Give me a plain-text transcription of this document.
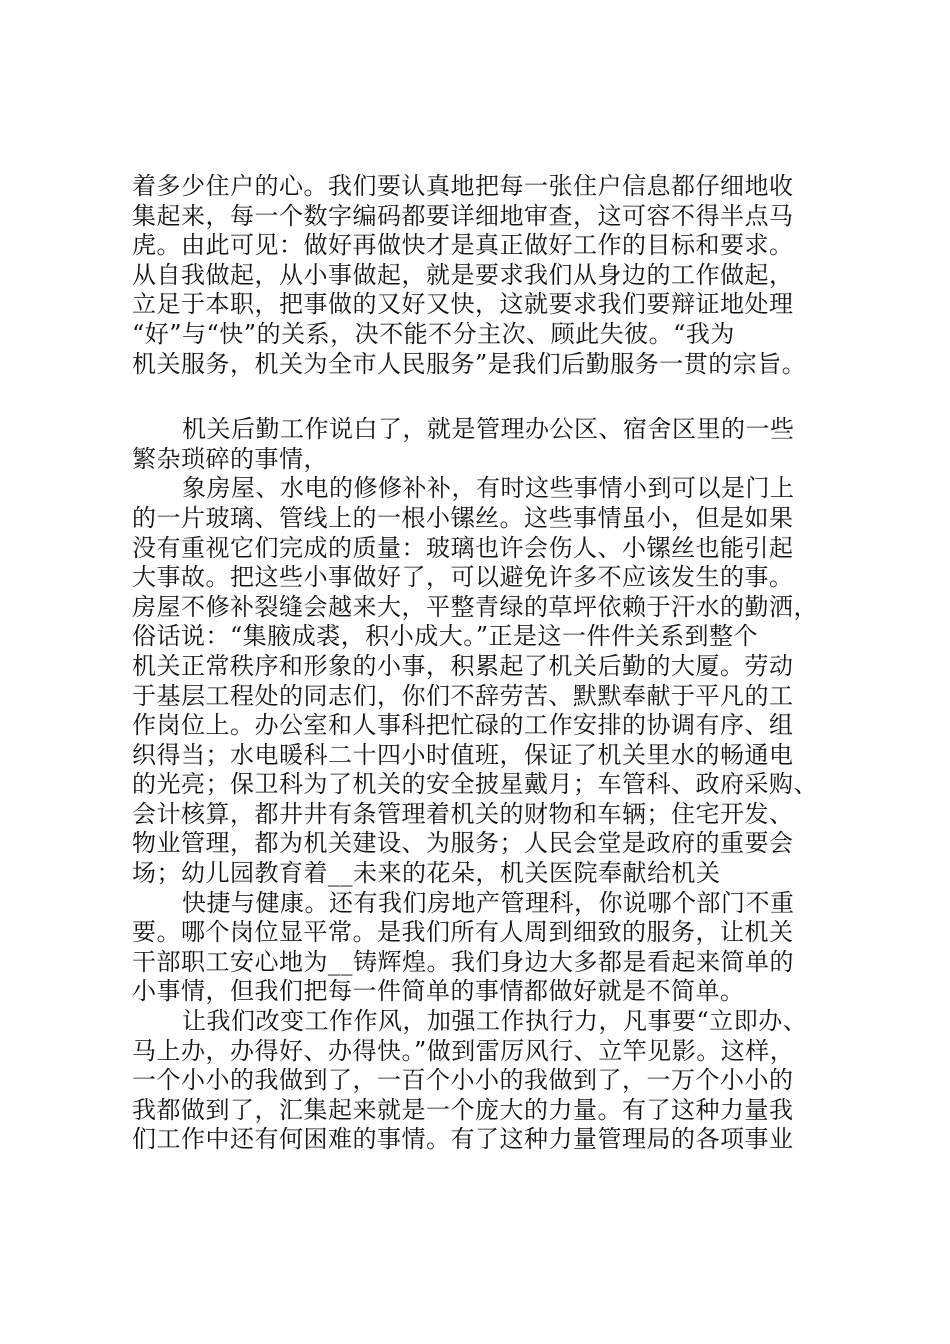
着多少住户的心。我们要认真地把每一张住户信息都仔细地收
集起来，每一个数字编码都要详细地审查，这可容不得半点马
虎。由此可见：做好再做快才是真正做好工作的目标和要求。
从自我做起，从小事做起，就是要求我们从身边的工作做起，
立足于本职，把事做的又好又快，这就要求我们要辩证地处理
“好”与“快”的关系，决不能不分主次、顾此失彼。“我为
机关服务，机关为全市人民服务”是我们后勤服务一贯的宗旨。
机关后勤工作说白了，就是管理办公区、宿舍区里的一些
繁杂琐碎的事情，
象房屋、水电的修修补补，有时这些事情小到可以是门上
的一片玻璃、管线上的一根小镙丝。这些事情虽小，但是如果
没有重视它们完成的质量：玻璃也许会伤人、小镙丝也能引起
大事故。把这些小事做好了，可以避免许多不应该发生的事。
房屋不修补裂缝会越来大，平整青绿的草坪依赖于汗水的勤洒，
俗话说：“集腋成裘，积小成大。”正是这一件件关系到整个
机关正常秩序和形象的小事，积累起了机关后勤的大厦。劳动
于基层工程处的同志们，你们不辞劳苦、默默奉献于平凡的工
作岗位上。办公室和人事科把忙碌的工作安排的协调有序、组
织得当；水电暖科二十四小时值班，保证了机关里水的畅通电
的光亮；保卫科为了机关的安全披星戴月；车管科、政府采购、
会计核算，都井井有条管理着机关的财物和车辆；住宅开发、
物业管理，都为机关建设、为服务；人民会堂是政府的重要会
场；幼儿园教育着__未来的花朵，机关医院奉献给机关
快捷与健康。还有我们房地产管理科，你说哪个部门不重
要。哪个岗位显平常。是我们所有人周到细致的服务，让机关
干部职工安心地为__铸辉煌。我们身边大多都是看起来简单的
小事情，但我们把每一件简单的事情都做好就是不简单。
让我们改变工作作风，加强工作执行力，凡事要“立即办、
马上办，办得好、办得快。”做到雷厉风行、立竿见影。这样，
一个小小的我做到了，一百个小小的我做到了，一万个小小的
我都做到了，汇集起来就是一个庞大的力量。有了这种力量我
们工作中还有何困难的事情。有了这种力量管理局的各项事业
